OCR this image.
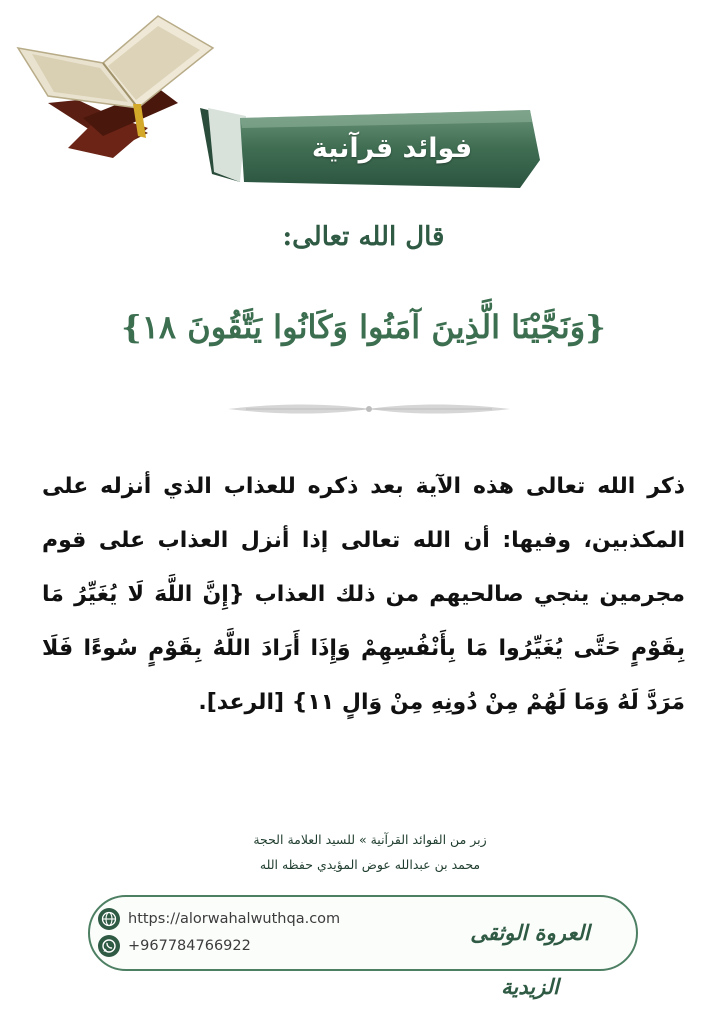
فوائد قرآنية
قال الله تعالى:
{وَنَجَّيْنَا الَّذِينَ آمَنُوا وَكَانُوا يَتَّقُونَ ١٨}
ذكر الله تعالى هذه الآية بعد ذكره للعذاب الذي أنزله على المكذبين، وفيها: أن الله تعالى إذا أنزل العذاب على قوم مجرمين ينجي صالحيهم من ذلك العذاب {إِنَّ اللَّهَ لَا يُغَيِّرُ مَا بِقَوْمٍ حَتَّى يُغَيِّرُوا مَا بِأَنْفُسِهِمْ وَإِذَا أَرَادَ اللَّهُ بِقَوْمٍ سُوءًا فَلَا مَرَدَّ لَهُ وَمَا لَهُمْ مِنْ دُونِهِ مِنْ وَالٍ ١١} [الرعد].
زبر من الفوائد القرآنية » للسيد العلامة الحجة
محمد بن عبدالله عوض المؤيدي حفظه الله
https://alorwahalwuthqa.com
+967784766922
العروة الوثقى الزيدية
